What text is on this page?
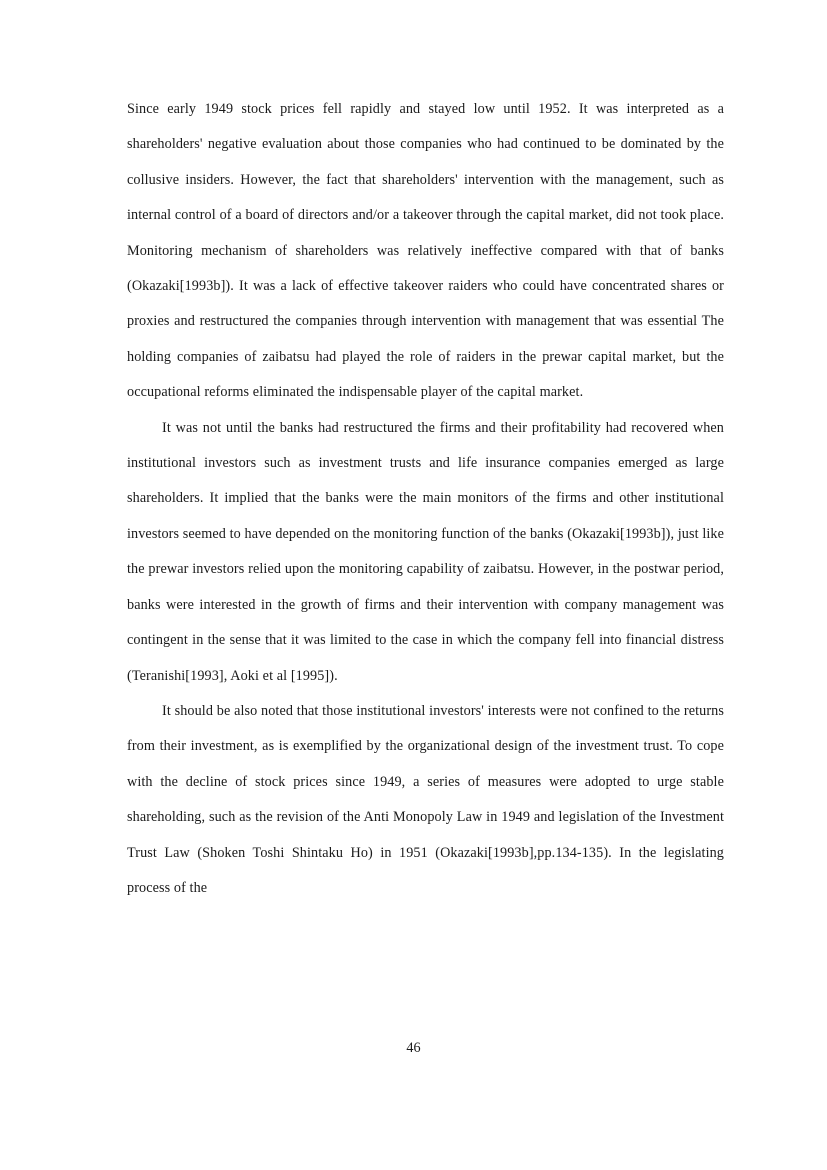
Since early 1949 stock prices fell rapidly and stayed low until 1952. It was interpreted as a shareholders' negative evaluation about those companies who had continued to be dominated by the collusive insiders. However, the fact that shareholders' intervention with the management, such as internal control of a board of directors and/or a takeover through the capital market, did not took place. Monitoring mechanism of shareholders was relatively ineffective compared with that of banks (Okazaki[1993b]). It was a lack of effective takeover raiders who could have concentrated shares or proxies and restructured the companies through intervention with management that was essential The holding companies of zaibatsu had played the role of raiders in the prewar capital market, but the occupational reforms eliminated the indispensable player of the capital market.

It was not until the banks had restructured the firms and their profitability had recovered when institutional investors such as investment trusts and life insurance companies emerged as large shareholders. It implied that the banks were the main monitors of the firms and other institutional investors seemed to have depended on the monitoring function of the banks (Okazaki[1993b]), just like the prewar investors relied upon the monitoring capability of zaibatsu. However, in the postwar period, banks were interested in the growth of firms and their intervention with company management was contingent in the sense that it was limited to the case in which the company fell into financial distress (Teranishi[1993], Aoki et al [1995]).

It should be also noted that those institutional investors' interests were not confined to the returns from their investment, as is exemplified by the organizational design of the investment trust. To cope with the decline of stock prices since 1949, a series of measures were adopted to urge stable shareholding, such as the revision of the Anti Monopoly Law in 1949 and legislation of the Investment Trust Law (Shoken Toshi Shintaku Ho) in 1951 (Okazaki[1993b],pp.134-135). In the legislating process of the

46
